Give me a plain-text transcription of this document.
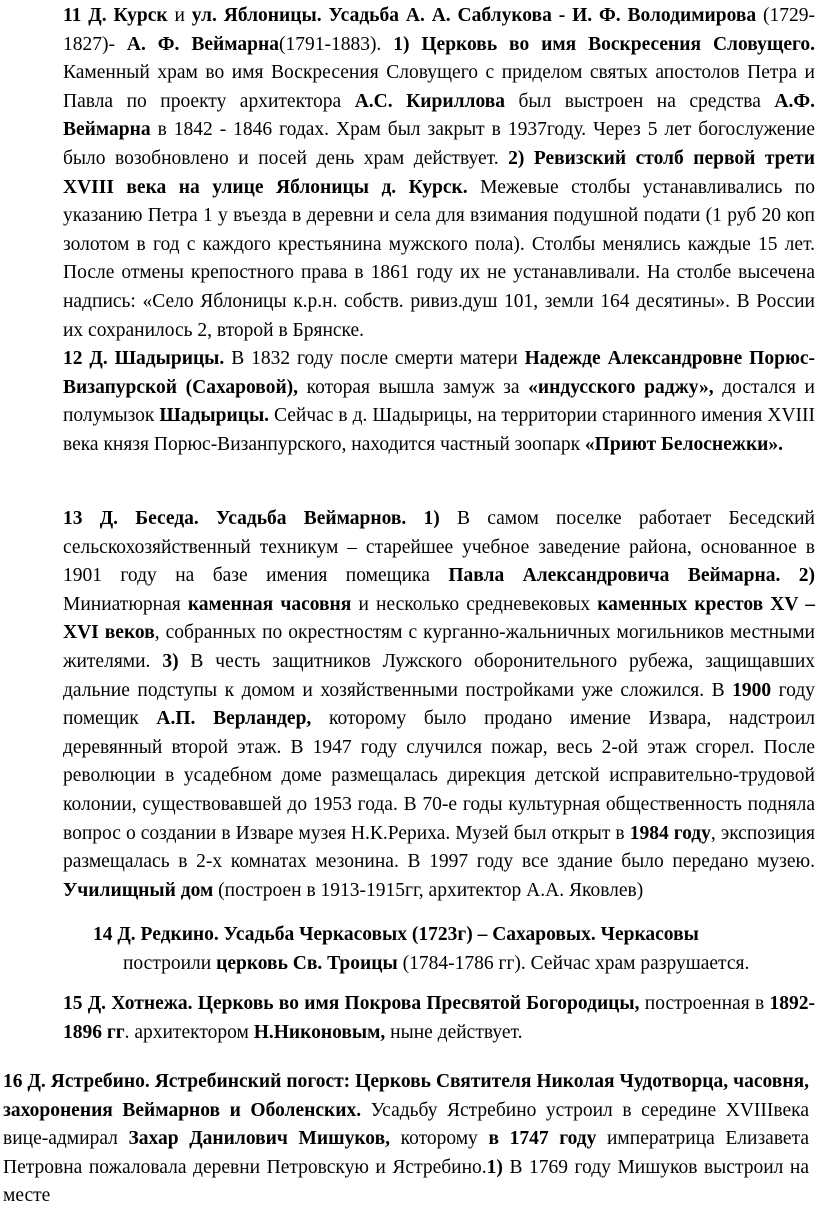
11 Д. Курск и ул. Яблоницы. Усадьба А. А. Саблукова - И. Ф. Володимирова (1729-1827)- А. Ф. Веймарна(1791-1883). 1) Церковь во имя Воскресения Словущего. Каменный храм во имя Воскресения Словущего с приделом святых апостолов Петра и Павла по проекту архитектора А.С. Кириллова был выстроен на средства А.Ф. Веймарна в 1842 - 1846 годах. Храм был закрыт в 1937году. Через 5 лет богослужение было возобновлено и посей день храм действует. 2) Ревизский столб первой трети XVIII века на улице Яблоницы д. Курск. Межевые столбы устанавливались по указанию Петра 1 у въезда в деревни и села для взимания подушной подати (1 руб 20 коп золотом в год с каждого крестьянина мужского пола). Столбы менялись каждые 15 лет. После отмены крепостного права в 1861 году их не устанавливали. На столбе высечена надпись: «Село Яблоницы к.р.н. собств. ривиз.душ 101, земли 164 десятины». В России их сохранилось 2, второй в Брянске.

12 Д. Шадырицы. В 1832 году после смерти матери Надежде Александровне Порюс-Визапурской (Сахаровой), которая вышла замуж за «индусского раджу», достался и полумызок Шадырицы. Сейчас в д. Шадырицы, на территории старинного имения XVIII века князя Порюс-Визанпурского, находится частный зоопарк «Приют Белоснежки».

13 Д. Беседа. Усадьба Веймарнов. 1) В самом поселке работает Беседский сельскохозяйственный техникум – старейшее учебное заведение района, основанное в 1901 году на базе имения помещика Павла Александровича Веймарна. 2) Миниатюрная каменная часовня и несколько средневековых каменных крестов XV – XVI веков, собранных по окрестностям с курганно-жальничных могильников местными жителями. 3) В честь защитников Лужского оборонительного рубежа, защищавших дальние подступы к домом и хозяйственными постройками уже сложился. В 1900 году помещик А.П. Верландер, которому было продано имение Извара, надстроил деревянный второй этаж. В 1947 году случился пожар, весь 2-ой этаж сгорел. После революции в усадебном доме размещалась дирекция детской исправительно-трудовой колонии, существовавшей до 1953 года. В 70-е годы культурная общественность подняла вопрос о создании в Изваре музея Н.К.Рериха. Музей был открыт в 1984 году, экспозиция размещалась в 2-х комнатах мезонина. В 1997 году все здание было передано музею. Училищный дом (построен в 1913-1915гг, архитектор А.А. Яковлев)

14 Д. Редкино. Усадьба Черкасовых (1723г) – Сахаровых. Черкасовы
построили церковь Св. Троицы (1784-1786 гг). Сейчас храм разрушается.

15 Д. Хотнежа. Церковь во имя Покрова Пресвятой Богородицы, построенная в 1892-1896 гг. архитектором Н.Никоновым, ныне действует.

16 Д. Ястребино. Ястребинский погост: Церковь Святителя Николая Чудотворца, часовня, захоронения Веймарнов и Оболенских. Усадьбу Ястребино устроил в середине XVIIIвека вице-адмирал Захар Данилович Мишуков, которому в 1747 году императрица Елизавета Петровна пожаловала деревни Петровскую и Ястребино.1) В 1769 году Мишуков выстроил на месте
